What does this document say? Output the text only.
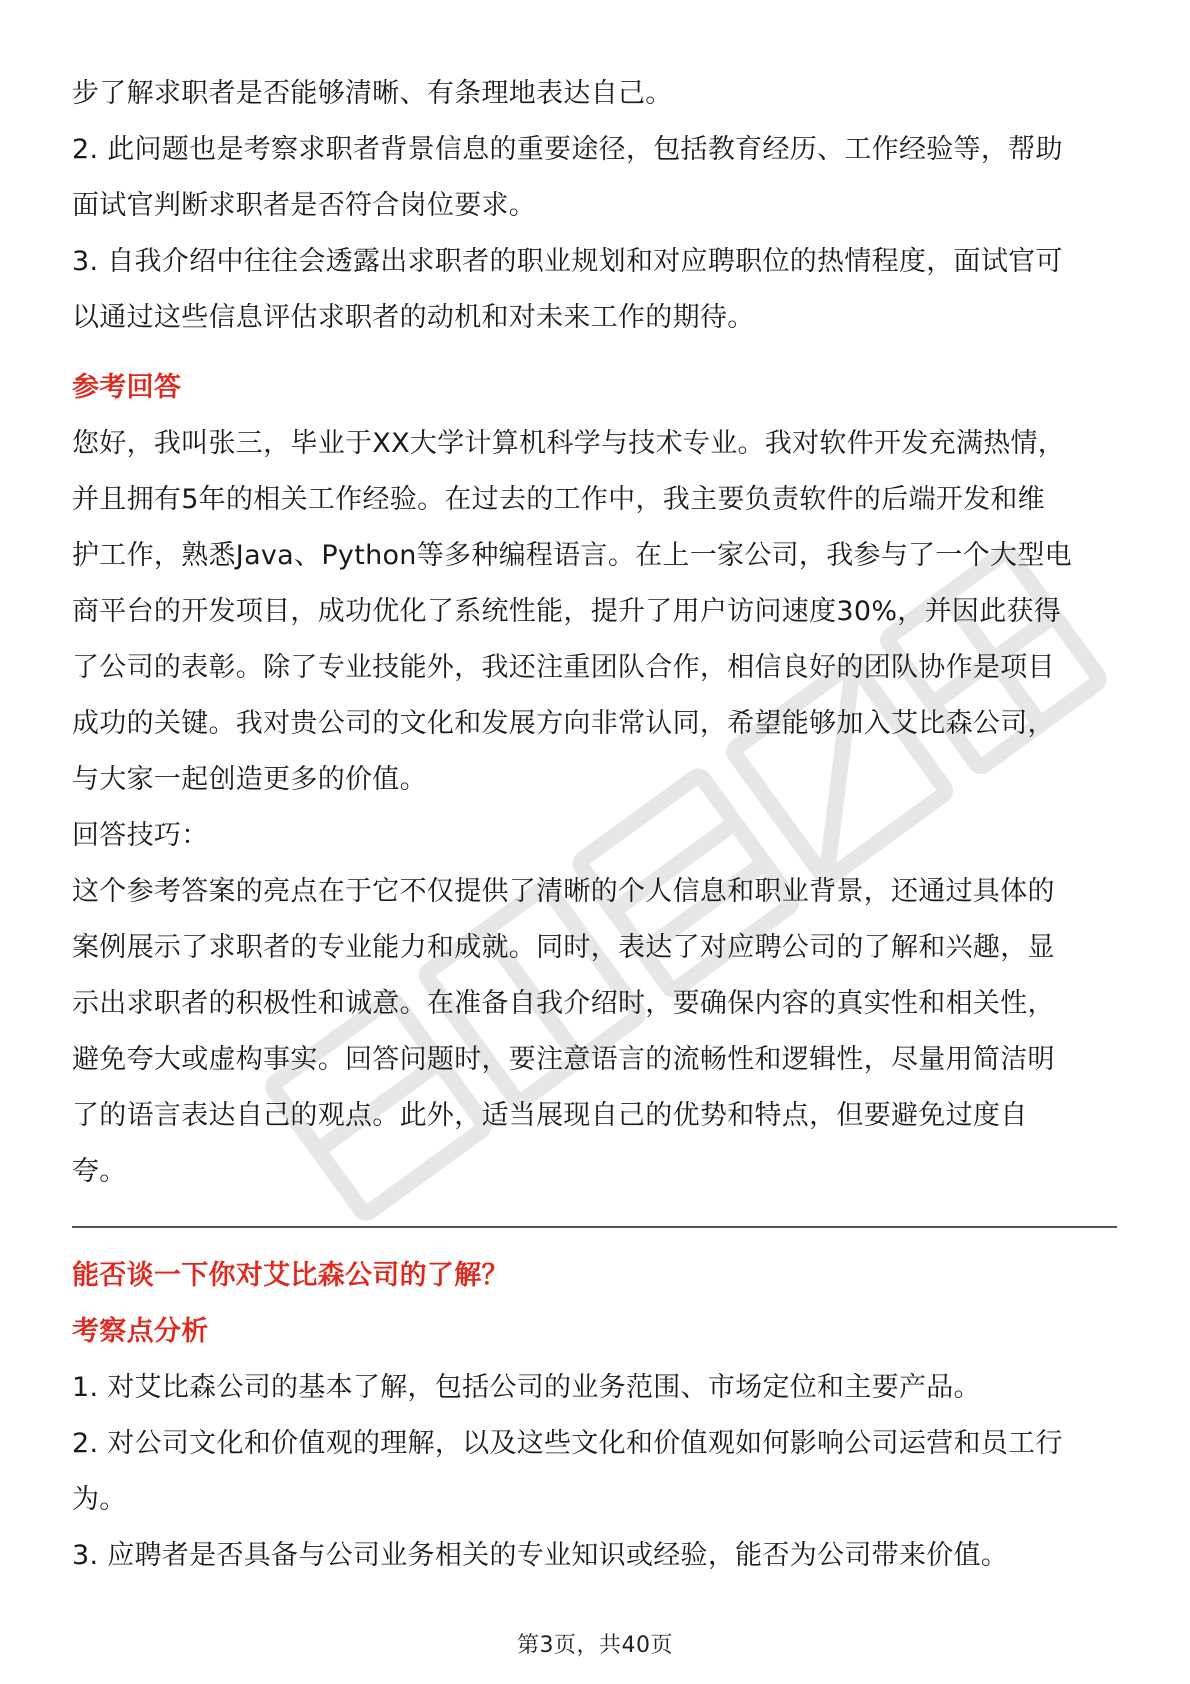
步了解求职者是否能够清晰、有条理地表达自己。

2. 此问题也是考察求职者背景信息的重要途径，包括教育经历、工作经验等，帮助

面试官判断求职者是否符合岗位要求。

3. 自我介绍中往往会透露出求职者的职业规划和对应聘职位的热情程度，面试官可

以通过这些信息评估求职者的动机和对未来工作的期待。

参考回答

您好，我叫张三，毕业于XX大学计算机科学与技术专业。我对软件开发充满热情，

并且拥有5年的相关工作经验。在过去的工作中，我主要负责软件的后端开发和维

护工作，熟悉Java、Python等多种编程语言。在上一家公司，我参与了一个大型电

商平台的开发项目，成功优化了系统性能，提升了用户访问速度30%，并因此获得

了公司的表彰。除了专业技能外，我还注重团队合作，相信良好的团队协作是项目

成功的关键。我对贵公司的文化和发展方向非常认同，希望能够加入艾比森公司，

与大家一起创造更多的价值。

回答技巧：

这个参考答案的亮点在于它不仅提供了清晰的个人信息和职业背景，还通过具体的

案例展示了求职者的专业能力和成就。同时，表达了对应聘公司的了解和兴趣，显

示出求职者的积极性和诚意。在准备自我介绍时，要确保内容的真实性和相关性，

避免夸大或虚构事实。回答问题时，要注意语言的流畅性和逻辑性，尽量用简洁明

了的语言表达自己的观点。此外，适当展现自己的优势和特点，但要避免过度自

夸。

能否谈一下你对艾比森公司的了解？

考察点分析

1. 对艾比森公司的基本了解，包括公司的业务范围、市场定位和主要产品。

2. 对公司文化和价值观的理解，以及这些文化和价值观如何影响公司运营和员工行

为。

3. 应聘者是否具备与公司业务相关的专业知识或经验，能否为公司带来价值。

第3页，共40页
